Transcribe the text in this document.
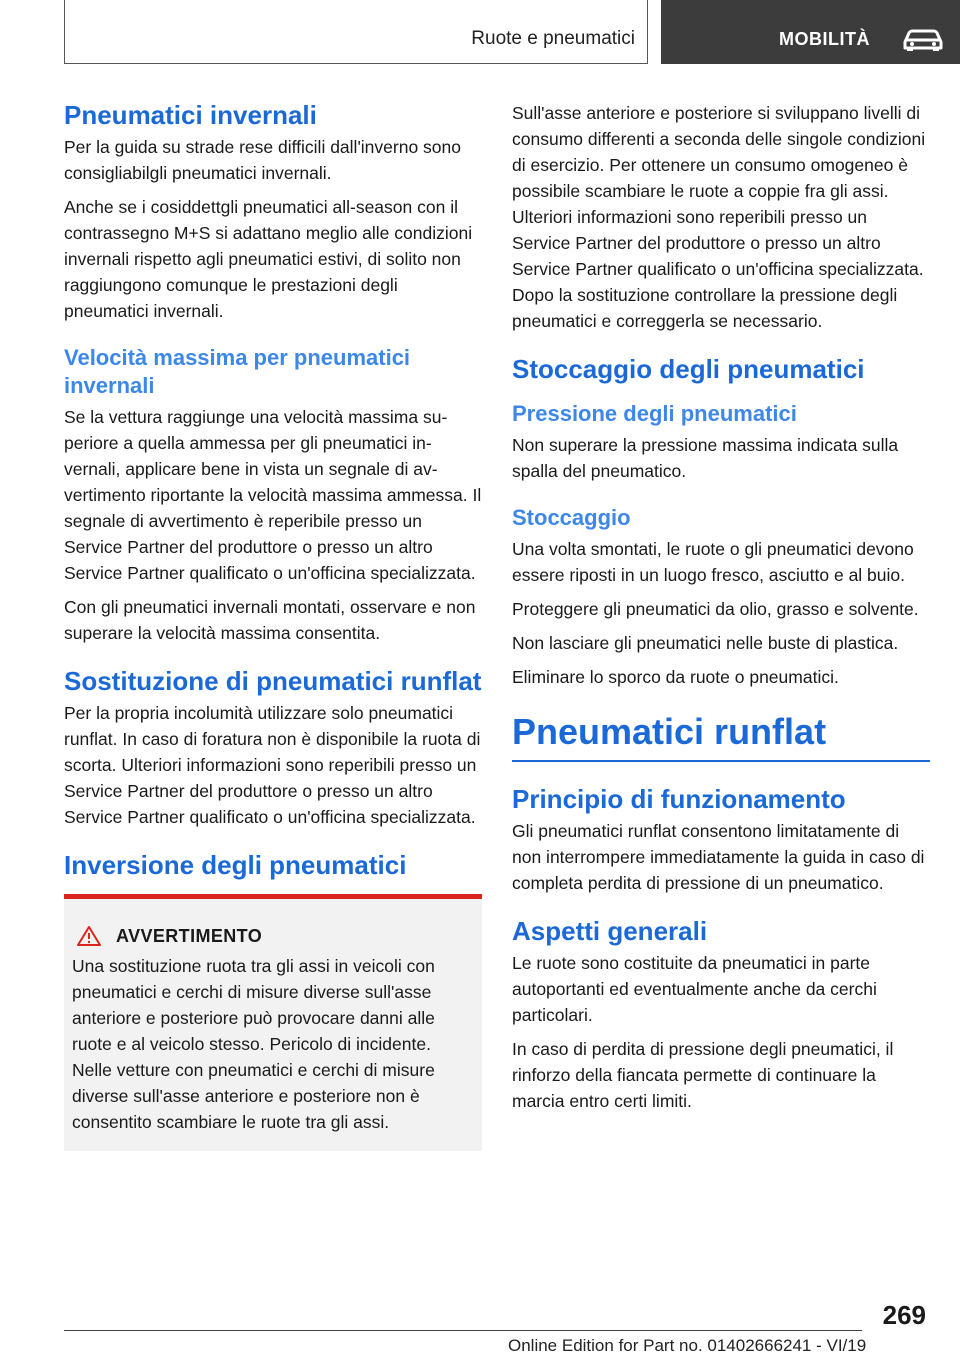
Ruote e pneumatici	MOBILITÀ
Pneumatici invernali

Per la guida su strade rese difficili dall'inverno sono consigliabilgli pneumatici invernali.

Anche se i cosiddettgli pneumatici all-season con il contrassegno M+S si adattano meglio alle condizioni invernali rispetto agli pneumatici estivi, di solito non raggiungono comunque le prestazioni degli pneumatici invernali.

Velocità massima per pneumatici invernali

Se la vettura raggiunge una velocità massima superiore a quella ammessa per gli pneumatici invernali, applicare bene in vista un segnale di avvertimento riportante la velocità massima ammessa. Il segnale di avvertimento è reperibile presso un Service Partner del produttore o presso un altro Service Partner qualificato o un'officina specializzata.

Con gli pneumatici invernali montati, osservare e non superare la velocità massima consentita.

Sostituzione di pneumatici runflat

Per la propria incolumità utilizzare solo pneumatici runflat. In caso di foratura non è disponibile la ruota di scorta. Ulteriori informazioni sono reperibili presso un Service Partner del produttore o presso un altro Service Partner qualificato o un'officina specializzata.

Inversione degli pneumatici
AVVERTIMENTO

Una sostituzione ruota tra gli assi in veicoli con pneumatici e cerchi di misure diverse sull'asse anteriore e posteriore può provocare danni alle ruote e al veicolo stesso. Pericolo di incidente. Nelle vetture con pneumatici e cerchi di misure diverse sull'asse anteriore e posteriore non è consentito scambiare le ruote tra gli assi.

Sull'asse anteriore e posteriore si sviluppano livelli di consumo differenti a seconda delle singole condizioni di esercizio. Per ottenere un consumo omogeneo è possibile scambiare le ruote a coppie fra gli assi. Ulteriori informazioni sono reperibili presso un Service Partner del produttore o presso un altro Service Partner qualificato o un'officina specializzata. Dopo la sostituzione controllare la pressione degli pneumatici e correggerla se necessario.

Stoccaggio degli pneumatici
Pressione degli pneumatici

Non superare la pressione massima indicata sulla spalla del pneumatico.

Stoccaggio

Una volta smontati, le ruote o gli pneumatici devono essere riposti in un luogo fresco, asciutto e al buio.

Proteggere gli pneumatici da olio, grasso e solvente.

Non lasciare gli pneumatici nelle buste di plastica.

Eliminare lo sporco da ruote o pneumatici.

Pneumatici runflat
Principio di funzionamento

Gli pneumatici runflat consentono limitatamente di non interrompere immediatamente la guida in caso di completa perdita di pressione di un pneumatico.

Aspetti generali

Le ruote sono costituite da pneumatici in parte autoportanti ed eventualmente anche da cerchi particolari.

In caso di perdita di pressione degli pneumatici, il rinforzo della fiancata permette di continuare la marcia entro certi limiti.

269
Online Edition for Part no. 01402666241 - VI/19
